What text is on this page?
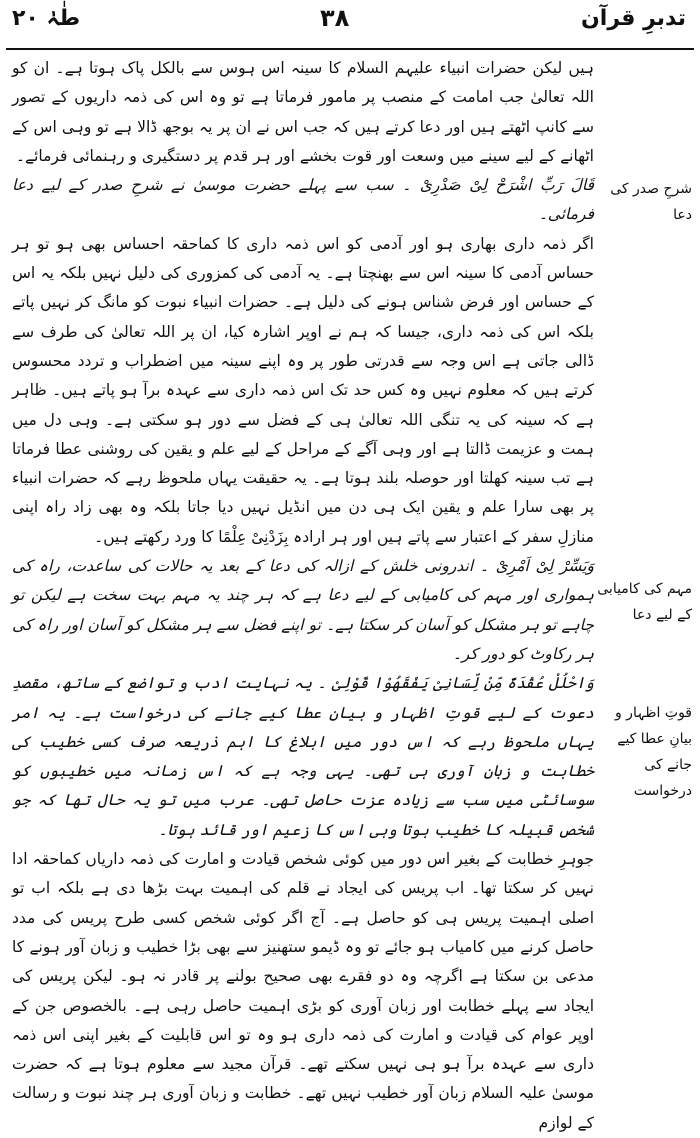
طٰہٰ ۲۰	۳۸	تدبرِ قرآن

ہیں لیکن حضرات انبیاء علیہم السلام کا سینہ اس ہوس سے بالکل پاک ہوتا ہے۔ ان کو اللہ تعالیٰ جب امامت کے منصب پر مامور فرماتا ہے تو وہ اس کی ذمہ داریوں کے تصور سے کانپ اٹھتے ہیں اور دعا کرتے ہیں کہ جب اس نے ان پر یہ بوجھ ڈالا ہے تو وہی اس کے اٹھانے کے لیے سینے میں وسعت اور قوت بخشے اور ہر قدم پر دستگیری و رہنمائی فرمائے۔

قَالَ رَبِّ اشْرَحْ لِیْ صَدْرِیْ ۔ سب سے پہلے حضرت موسیٰ نے شرحِ صدر کے لیے دعا فرمائی۔

اگر ذمہ داری بھاری ہو اور آدمی کو اس ذمہ داری کا کماحقہ احساس بھی ہو تو ہر حساس آدمی کا سینہ اس سے بھنچتا ہے۔ یہ آدمی کی کمزوری کی دلیل نہیں بلکہ یہ اس کے حساس اور فرض شناس ہونے کی دلیل ہے۔ حضرات انبیاء نبوت کو مانگ کر نہیں پاتے بلکہ اس کی ذمہ داری، جیسا کہ ہم نے اوپر اشارہ کیا، ان پر اللہ تعالیٰ کی طرف سے ڈالی جاتی ہے اس وجہ سے قدرتی طور پر وہ اپنے سینہ میں اضطراب و تردد محسوس کرتے ہیں کہ معلوم نہیں وہ کس حد تک اس ذمہ داری سے عہدہ برآ ہو پاتے ہیں۔ ظاہر ہے کہ سینہ کی یہ تنگی اللہ تعالیٰ ہی کے فضل سے دور ہو سکتی ہے۔ وہی دل میں ہمت و عزیمت ڈالتا ہے اور وہی آگے کے مراحل کے لیے علم و یقین کی روشنی عطا فرماتا ہے تب سینہ کھلتا اور حوصلہ بلند ہوتا ہے۔ یہ حقیقت یہاں ملحوظ رہے کہ حضرات انبیاء پر بھی سارا علم و یقین ایک ہی دن میں انڈیل نہیں دیا جاتا بلکہ وہ بھی زاد راہ اپنی منازلِ سفر کے اعتبار سے پاتے ہیں اور ہر ارادہ بِزَدْنِیْ عِلْمًا کا ورد رکھتے ہیں۔

وَیَسِّرْ لِیْ اَمْرِیْ ۔ اندرونی خلش کے ازالہ کی دعا کے بعد یہ حالات کی ساعدت، راہ کی ہمواری اور مہم کی کامیابی کے لیے دعا ہے کہ ہر چند یہ مہم بہت سخت ہے لیکن تو چاہے تو ہر مشکل کو آسان کر سکتا ہے۔ تو اپنے فضل سے ہر مشکل کو آسان اور راہ کی ہر رکاوٹ کو دور کر۔

وَاحْلُلْ عُقْدَۃً مِّنْ لِّسَانِیْ یَفْقَهُوْا قَوْلِیْ ۔ یہ نہایت ادب و تواضع کے ساتھ، مقصدِ دعوت کے لیے قوتِ اظہار و بیان عطا کیے جانے کی درخواست ہے۔ یہ امر یہاں ملحوظ رہے کہ اس دور میں ابلاغ کا اہم ذریعہ صرف کسی خطیب کی خطابت و زبان آوری ہی تھی۔ یہی وجہ ہے کہ اس زمانہ میں خطیبوں کو سوسائٹی میں سب سے زیادہ عزت حاصل تھی۔ عرب میں تو یہ حال تھا کہ جو شخص قبیلہ کا خطیب ہوتا وہی اس کا زعیم اور قائد ہوتا۔

جوہرِ خطابت کے بغیر اس دور میں کوئی شخص قیادت و امارت کی ذمہ داریاں کماحقہ ادا نہیں کر سکتا تھا۔ اب پریس کی ایجاد نے قلم کی اہمیت بہت بڑھا دی ہے بلکہ اب تو اصلی اہمیت پریس ہی کو حاصل ہے۔ آج اگر کوئی شخص کسی طرح پریس کی مدد حاصل کرنے میں کامیاب ہو جائے تو وہ ڈیمو ستھنیز سے بھی بڑا خطیب و زبان آور ہونے کا مدعی بن سکتا ہے اگرچہ وہ دو فقرے بھی صحیح بولنے پر قادر نہ ہو۔ لیکن پریس کی ایجاد سے پہلے خطابت اور زبان آوری کو بڑی اہمیت حاصل رہی ہے۔ بالخصوص جن کے اوپر عوام کی قیادت و امارت کی ذمہ داری ہو وہ تو اس قابلیت کے بغیر اپنی اس ذمہ داری سے عہدہ برآ ہو ہی نہیں سکتے تھے۔ قرآن مجید سے معلوم ہوتا ہے کہ حضرت موسیٰ علیہ السلام زبان آور خطیب نہیں تھے۔ خطابت و زبان آوری ہر چند نبوت و رسالت کے لوازم

شرحِ صدر کی دعا
مہم کی کامیابی کے لیے دعا
قوتِ اظہار و بیانِ عطا کیے جانے کی درخواست
